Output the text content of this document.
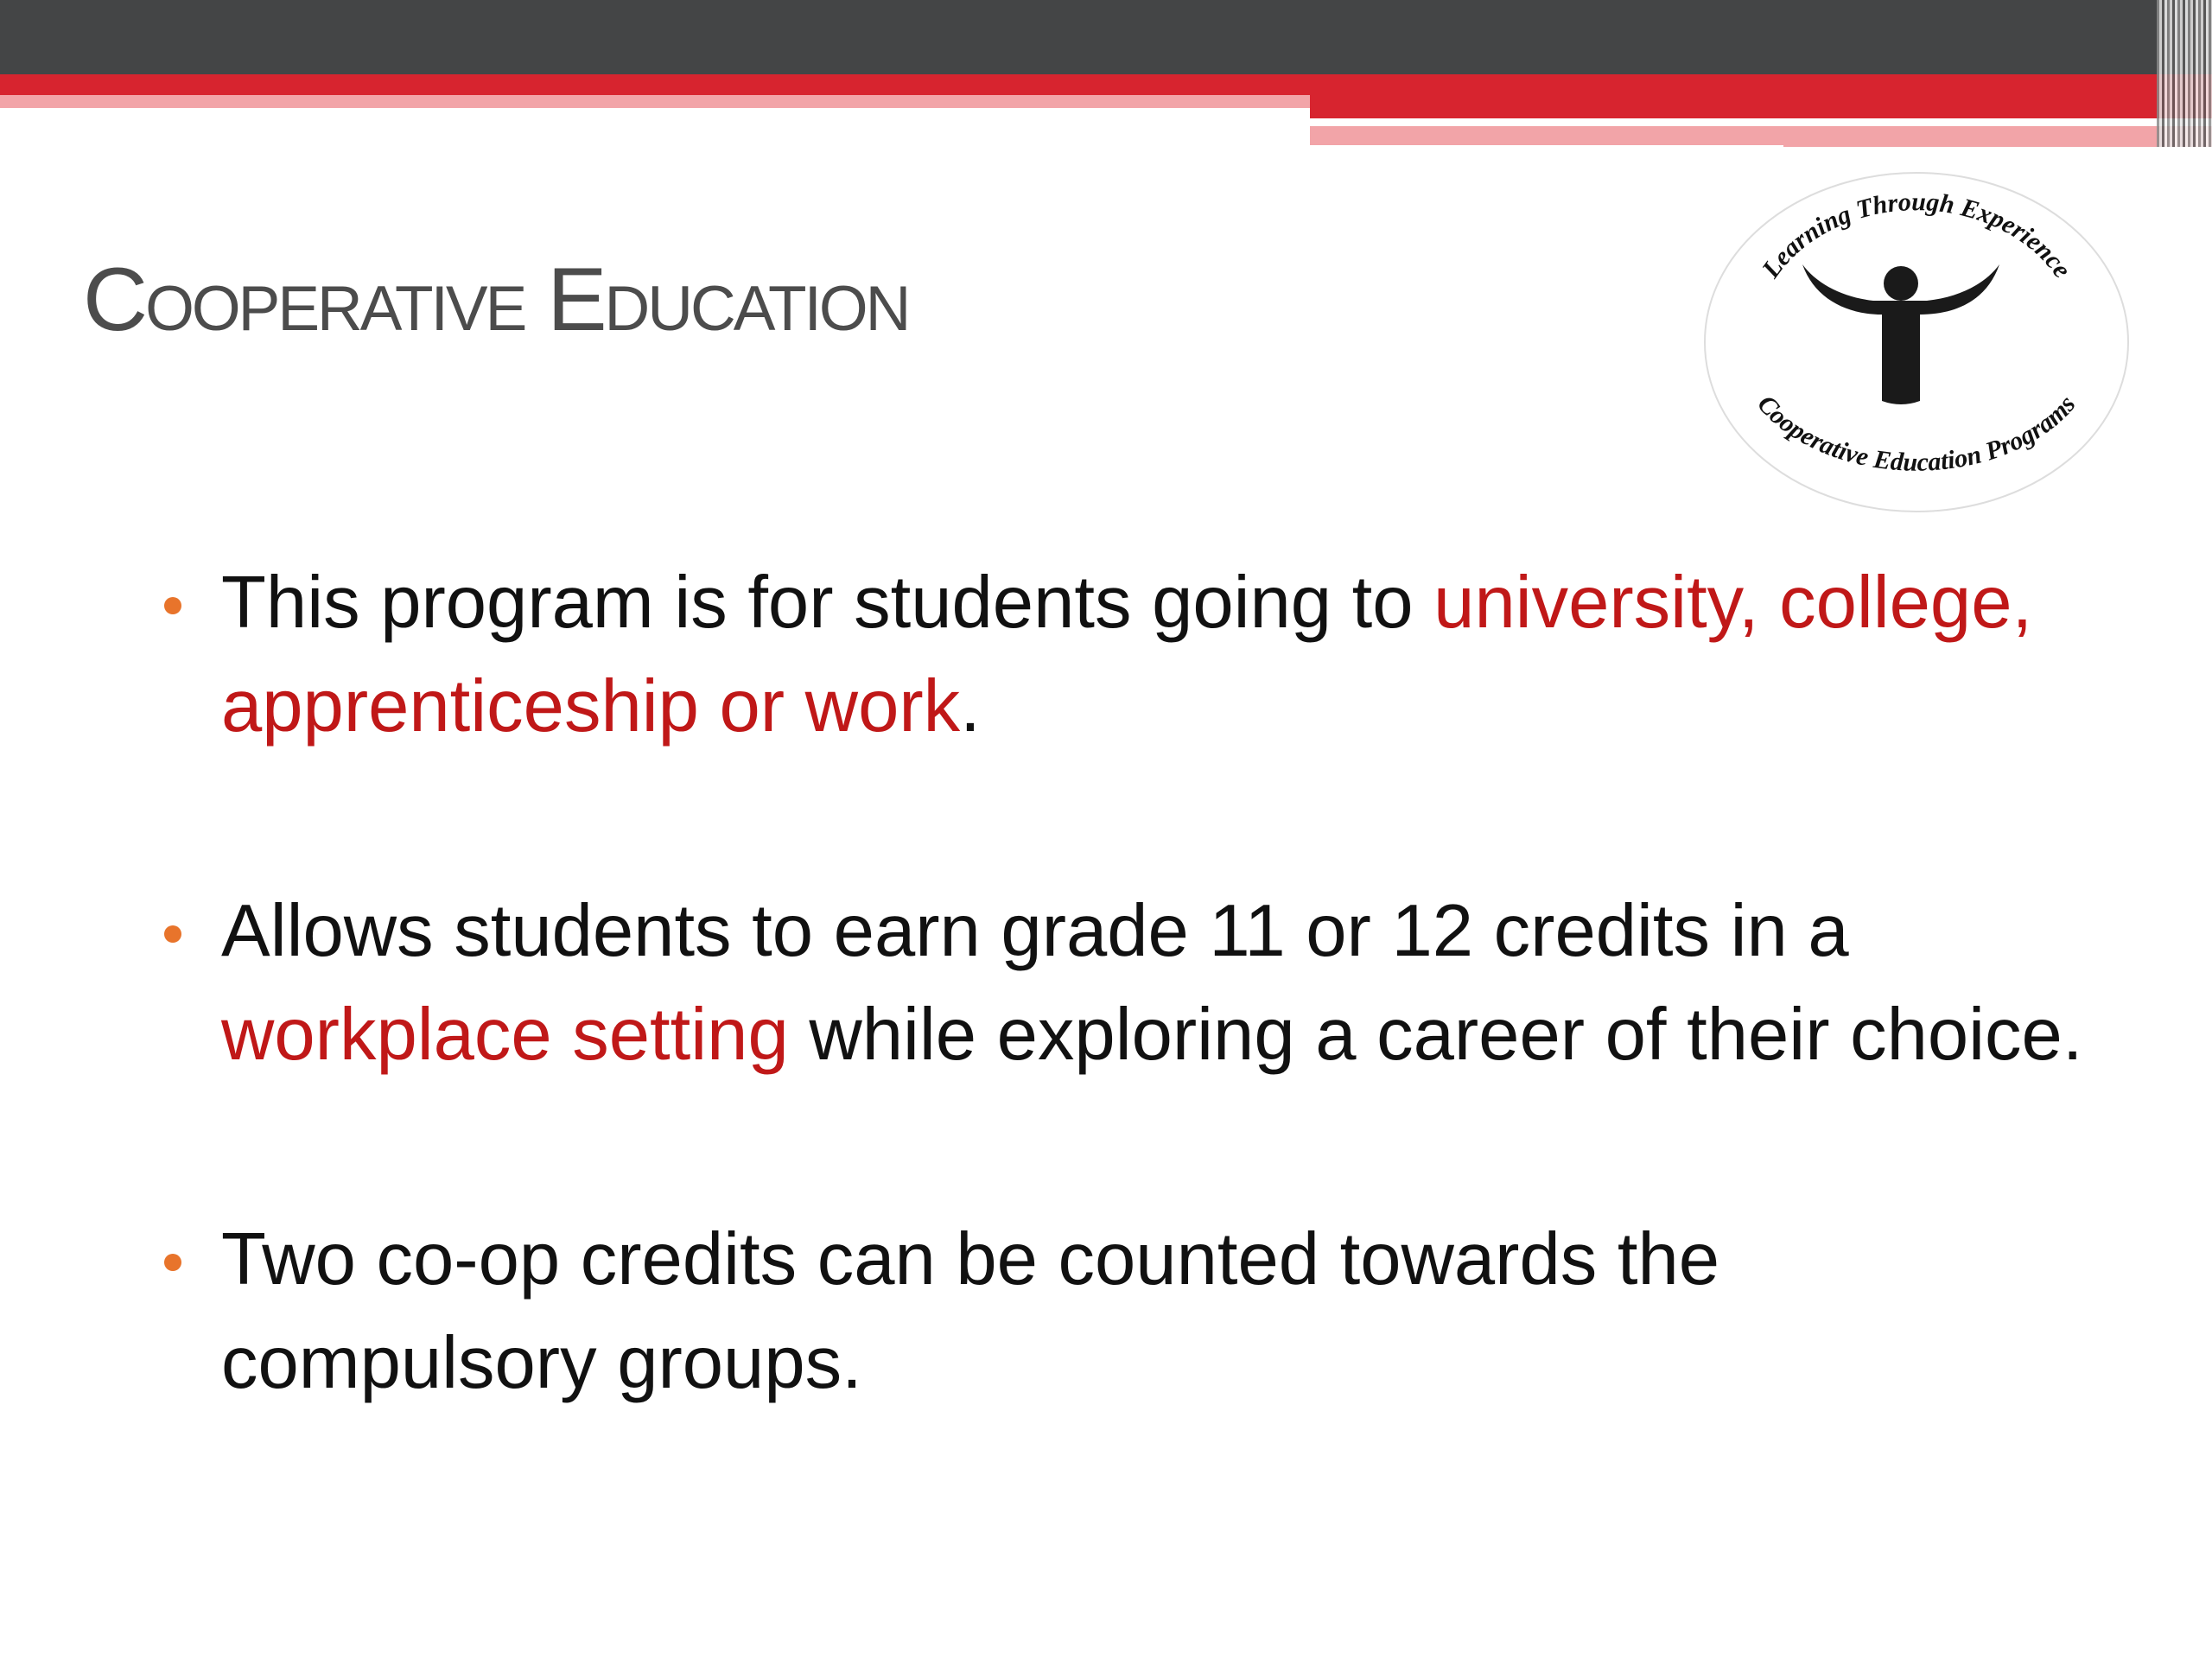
Cooperative Education	Learning Through Experience
Cooperative Education Programs
This program is for students going to university, college, apprenticeship or work.
Allows students to earn grade 11 or 12 credits in a workplace setting while exploring a career of their choice.
Two co-op credits can be counted towards the compulsory groups.
